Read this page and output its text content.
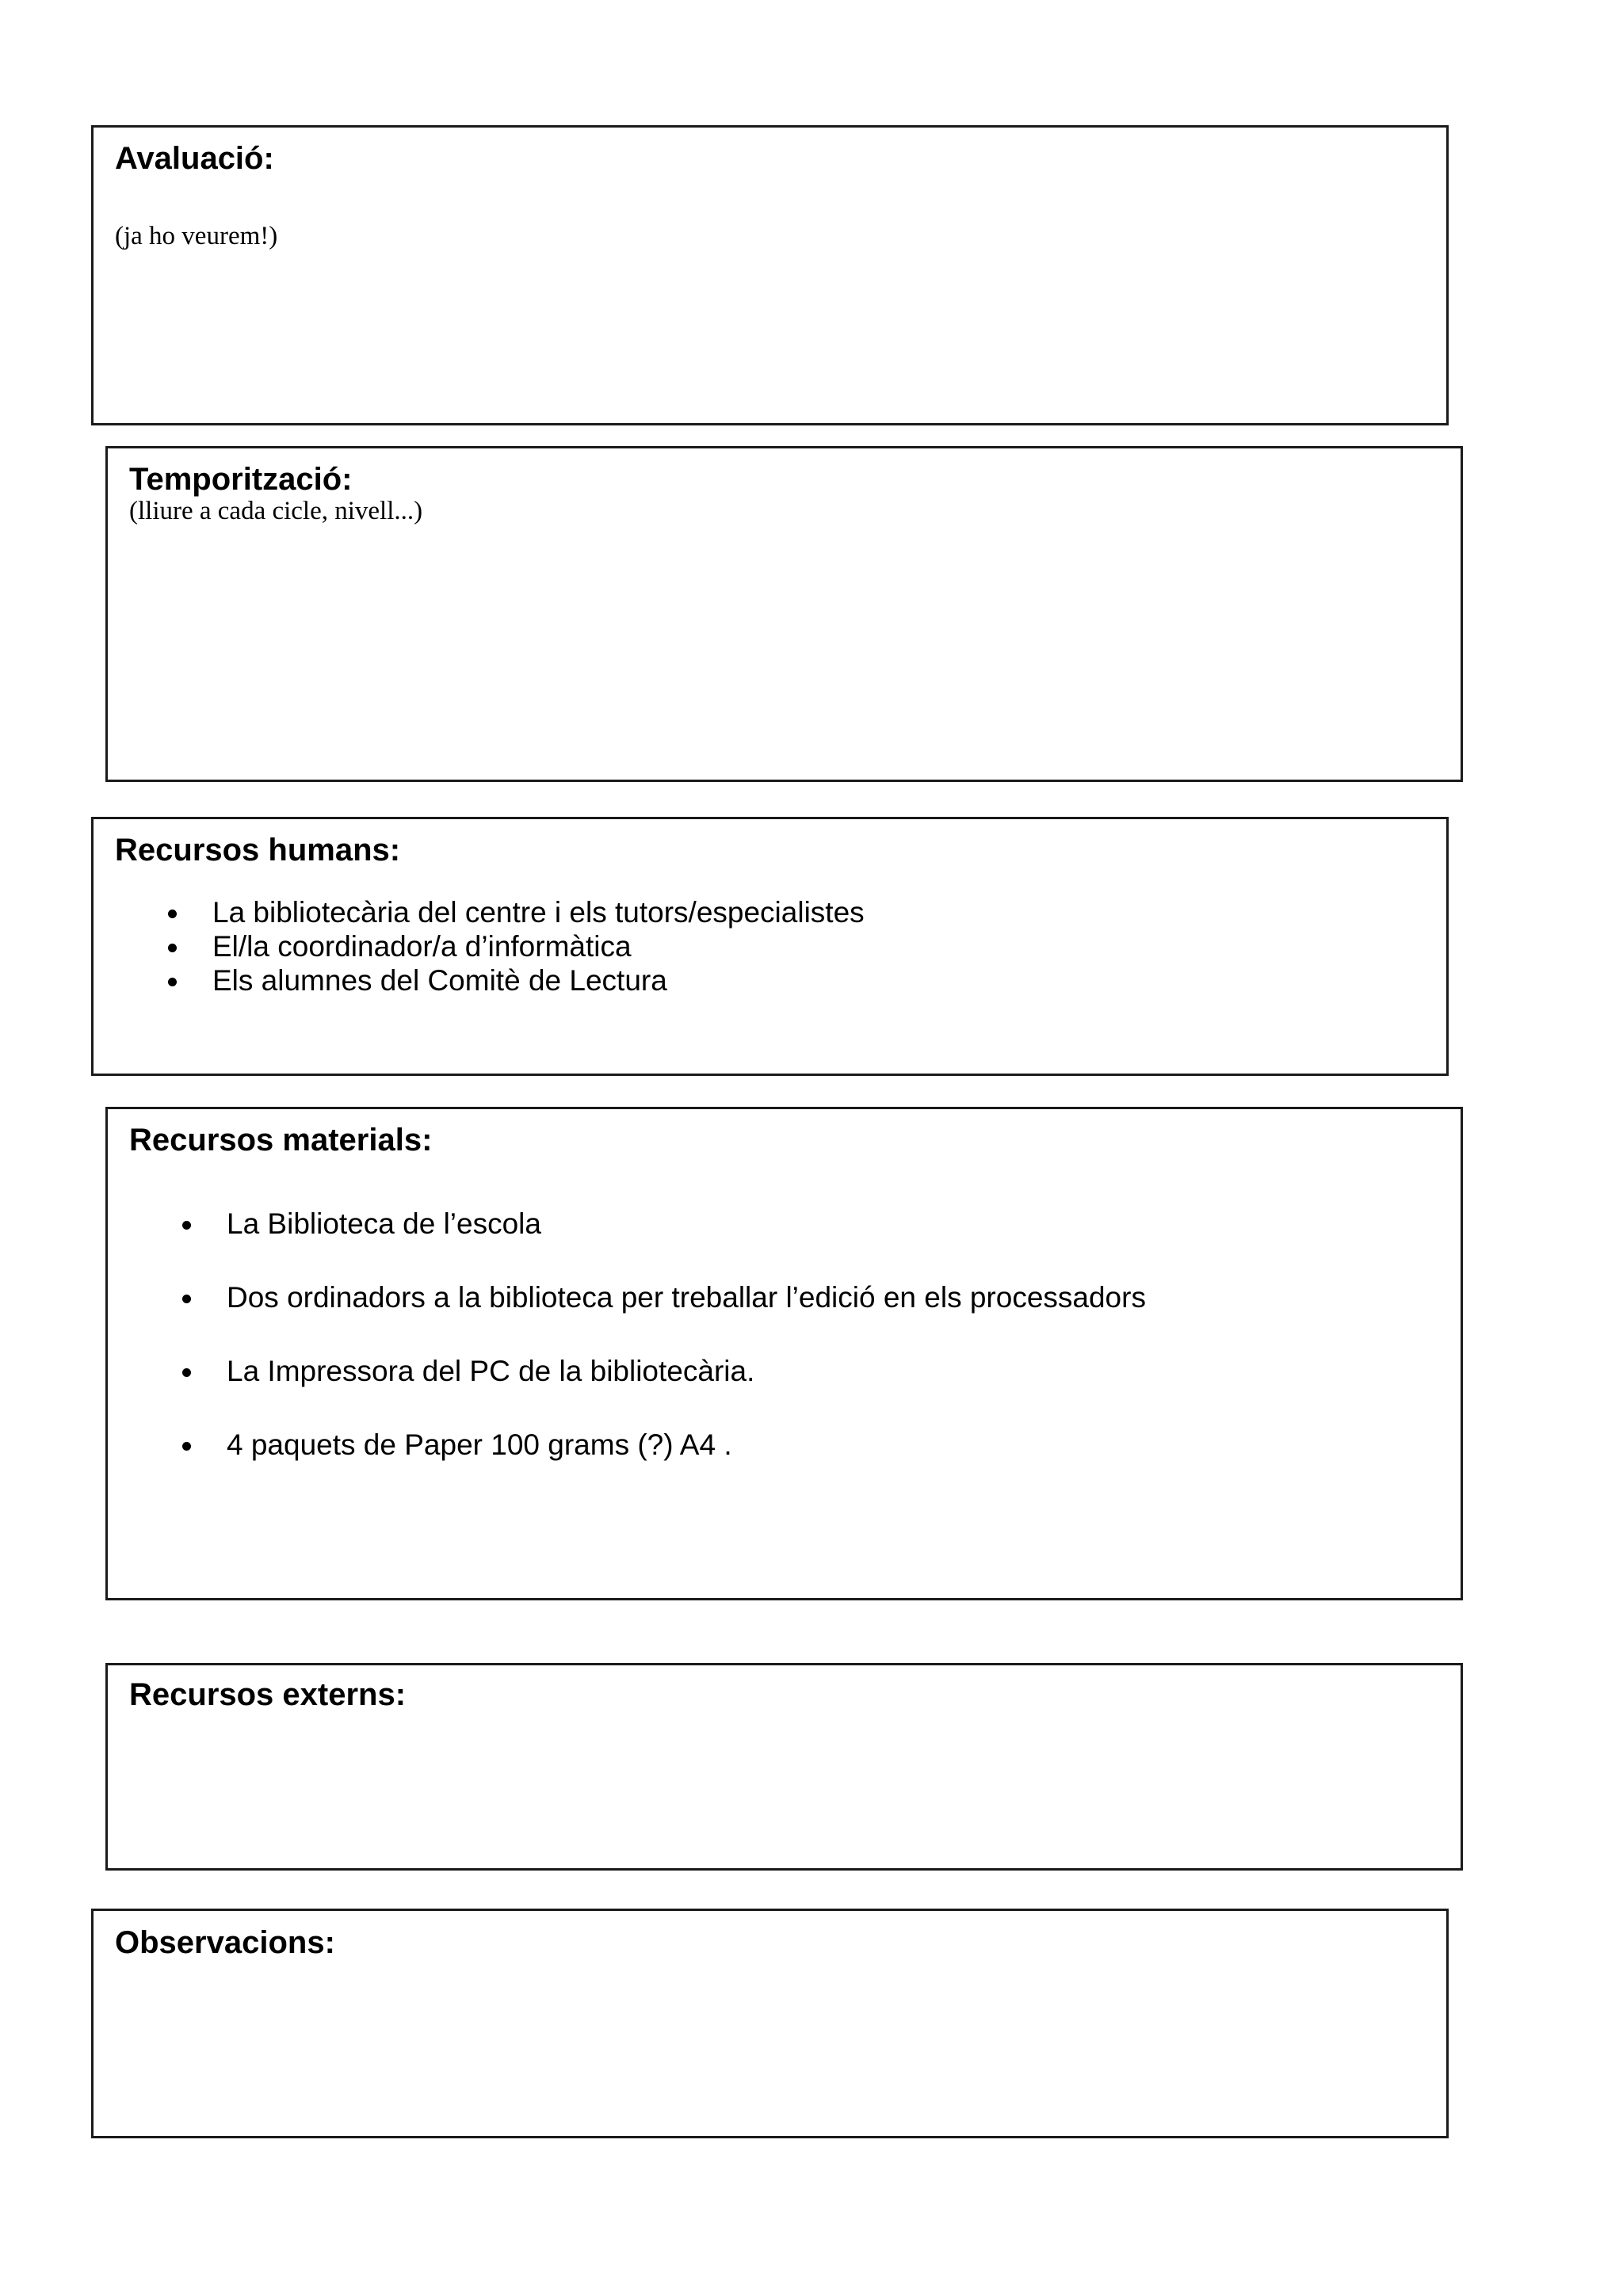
Avaluació:

(ja ho veurem!)

Temporització:

(lliure a cada cicle, nivell...)

Recursos humans:
La bibliotecària del centre i els tutors/especialistes
El/la coordinador/a d’informàtica
Els alumnes del Comitè de Lectura
Recursos materials:
La Biblioteca de l’escola
Dos ordinadors a la biblioteca per treballar l’edició en els processadors
La Impressora del PC de la bibliotecària.
4 paquets de Paper 100 grams (?) A4 .
Recursos externs:
Observacions:
